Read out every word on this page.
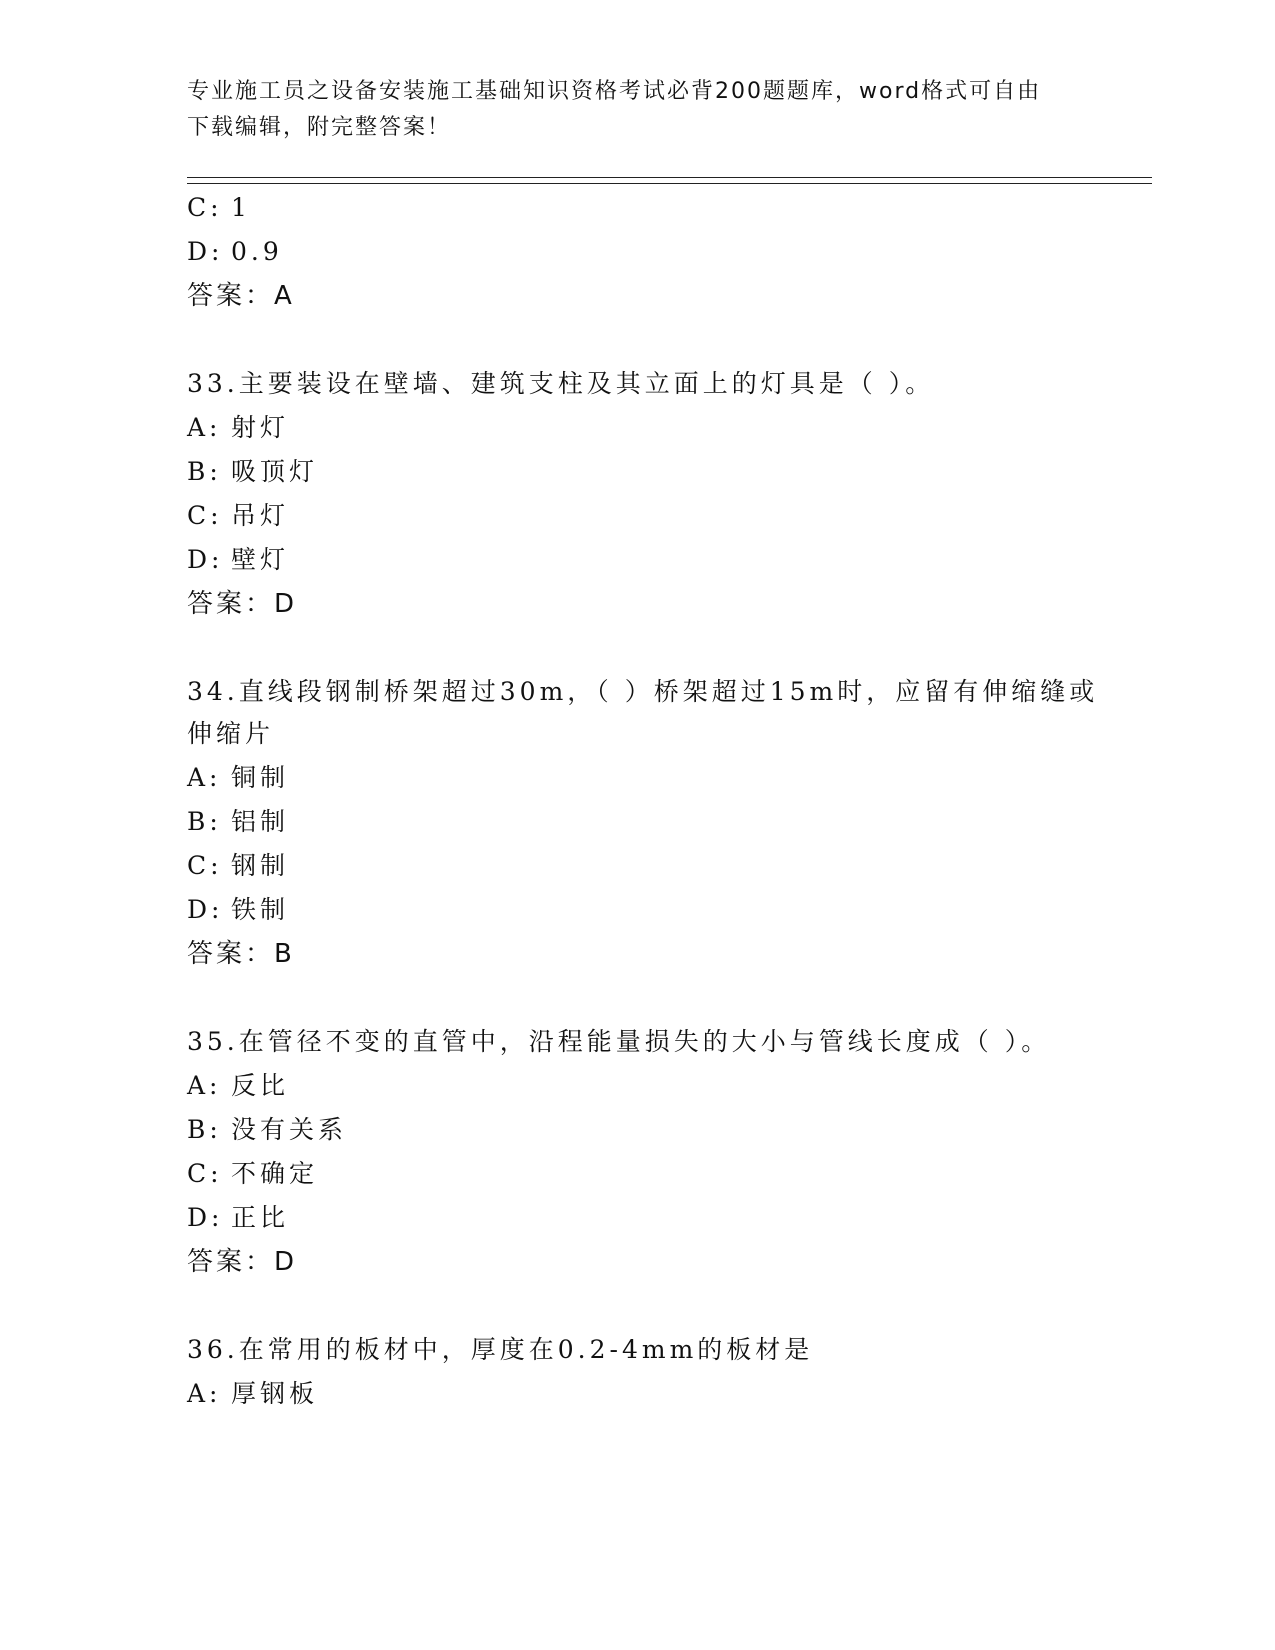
专业施工员之设备安装施工基础知识资格考试必背200题题库，word格式可自由
下载编辑，附完整答案！
C: 1
D: 0.9
答案：A
33.主要装设在壁墙、建筑支柱及其立面上的灯具是（ ）。
A: 射灯
B: 吸顶灯
C: 吊灯
D: 壁灯
答案：D
34.直线段钢制桥架超过30m，（ ）桥架超过15m时，应留有伸缩缝或
伸缩片
A: 铜制
B: 铝制
C: 钢制
D: 铁制
答案：B
35.在管径不变的直管中，沿程能量损失的大小与管线长度成（ ）。
A: 反比
B: 没有关系
C: 不确定
D: 正比
答案：D
36.在常用的板材中，厚度在0.2-4mm的板材是
A: 厚钢板
